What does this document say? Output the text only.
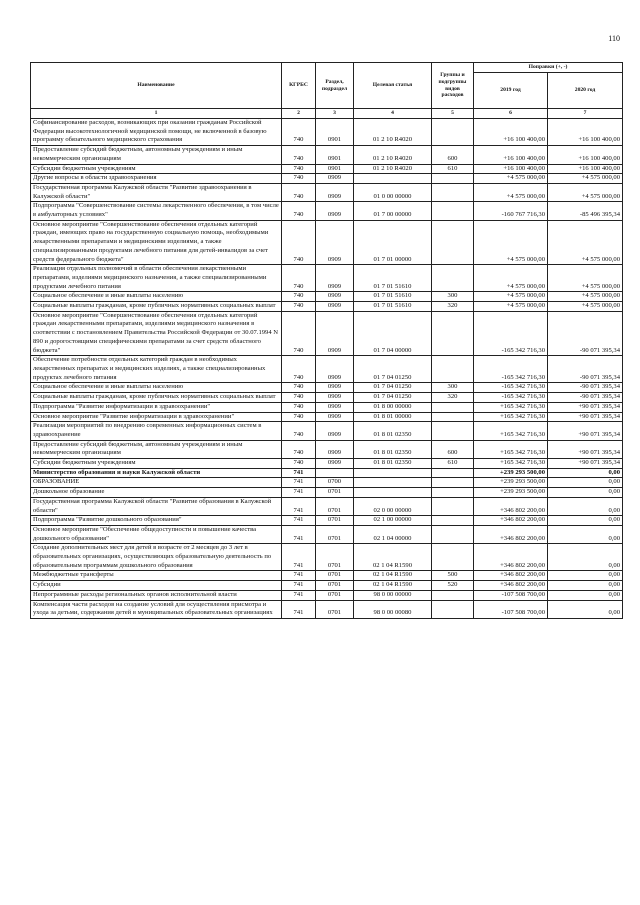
110
Наименование	КГРБС	Раздел, подраздел	Целевая статья	Группы и подгруппы видов расходов	Поправки (+, -)	
					2019 год	2020 год
1	2	3	4	5	6	7
Софинансирование расходов, возникающих при оказании гражданам Российской Федерации высокотехнологичной медицинской помощи, не включенной в базовую программу обязательного медицинского страхования	740	0901	01 2 10 R4020		+16 100 400,00	+16 100 400,00
Предоставление субсидий бюджетным, автономным учреждениям и иным некоммерческим организациям	740	0901	01 2 10 R4020	600	+16 100 400,00	+16 100 400,00
Субсидии бюджетным учреждениям	740	0901	01 2 10 R4020	610	+16 100 400,00	+16 100 400,00
Другие вопросы в области здравоохранения	740	0909			+4 575 000,00	+4 575 000,00
Государственная программа Калужской области "Развитие здравоохранения в Калужской области"	740	0909	01 0 00 00000		+4 575 000,00	+4 575 000,00
Подпрограмма "Совершенствование системы лекарственного обеспечения, в том числе в амбулаторных условиях"	740	0909	01 7 00 00000		-160 767 716,30	-85 496 395,34
Основное мероприятие "Совершенствование обеспечения отдельных категорий граждан, имеющих право на государственную социальную помощь, необходимыми лекарственными препаратами и медицинскими изделиями, а также специализированными продуктами лечебного питания для детей-инвалидов за счет средств федерального бюджета"	740	0909	01 7 01 00000		+4 575 000,00	+4 575 000,00
Реализация отдельных полномочий в области обеспечения лекарственными препаратами, изделиями медицинского назначения, а также специализированными продуктами лечебного питания	740	0909	01 7 01 51610		+4 575 000,00	+4 575 000,00
Социальное обеспечение и иные выплаты населению	740	0909	01 7 01 51610	300	+4 575 000,00	+4 575 000,00
Социальные выплаты гражданам, кроме публичных нормативных социальных выплат	740	0909	01 7 01 51610	320	+4 575 000,00	+4 575 000,00
Основное мероприятие "Совершенствование обеспечения отдельных категорий граждан лекарственными препаратами, изделиями медицинского назначения в соответствии с постановлением Правительства Российской Федерации от 30.07.1994 N 890 и дорогостоящими специфическими препаратами за счет средств областного бюджета"	740	0909	01 7 04 00000		-165 342 716,30	-90 071 395,34
Обеспечение потребности отдельных категорий граждан в необходимых лекарственных препаратах и медицинских изделиях, а также специализированных продуктах лечебного питания	740	0909	01 7 04 01250		-165 342 716,30	-90 071 395,34
Социальное обеспечение и иные выплаты населению	740	0909	01 7 04 01250	300	-165 342 716,30	-90 071 395,34
Социальные выплаты гражданам, кроме публичных нормативных социальных выплат	740	0909	01 7 04 01250	320	-165 342 716,30	-90 071 395,34
Подпрограмма "Развитие информатизации в здравоохранении"	740	0909	01 8 00 00000		+165 342 716,30	+90 071 395,34
Основное мероприятие "Развитие информатизации в здравоохранении"	740	0909	01 8 01 00000		+165 342 716,30	+90 071 395,34
Реализация мероприятий по внедрению современных информационных систем в здравоохранение	740	0909	01 8 01 02350		+165 342 716,30	+90 071 395,34
Предоставление субсидий бюджетным, автономным учреждениям и иным некоммерческим организациям	740	0909	01 8 01 02350	600	+165 342 716,30	+90 071 395,34
Субсидии бюджетным учреждениям	740	0909	01 8 01 02350	610	+165 342 716,30	+90 071 395,34
Министерство образования и науки Калужской области	741				+239 293 500,00	0,00
ОБРАЗОВАНИЕ	741	0700			+239 293 500,00	0,00
Дошкольное образование	741	0701			+239 293 500,00	0,00
Государственная программа Калужской области "Развитие образования в Калужской области"	741	0701	02 0 00 00000		+346 802 200,00	0,00
Подпрограмма "Развитие дошкольного образования"	741	0701	02 1 00 00000		+346 802 200,00	0,00
Основное мероприятие "Обеспечение общедоступности и повышение качества дошкольного образования"	741	0701	02 1 04 00000		+346 802 200,00	0,00
Создание дополнительных мест для детей в возрасте от 2 месяцев до 3 лет в образовательных организациях, осуществляющих образовательную деятельность по образовательным программам дошкольного образования	741	0701	02 1 04 R1590		+346 802 200,00	0,00
Межбюджетные трансферты	741	0701	02 1 04 R1590	500	+346 802 200,00	0,00
Субсидии	741	0701	02 1 04 R1590	520	+346 802 200,00	0,00
Непрограммные расходы региональных органов исполнительной власти	741	0701	98 0 00 00000		-107 508 700,00	0,00
Компенсация части расходов на создание условий для осуществления присмотра и ухода за детьми, содержания детей в муниципальных образовательных организациях	741	0701	98 0 00 00080		-107 508 700,00	0,00
